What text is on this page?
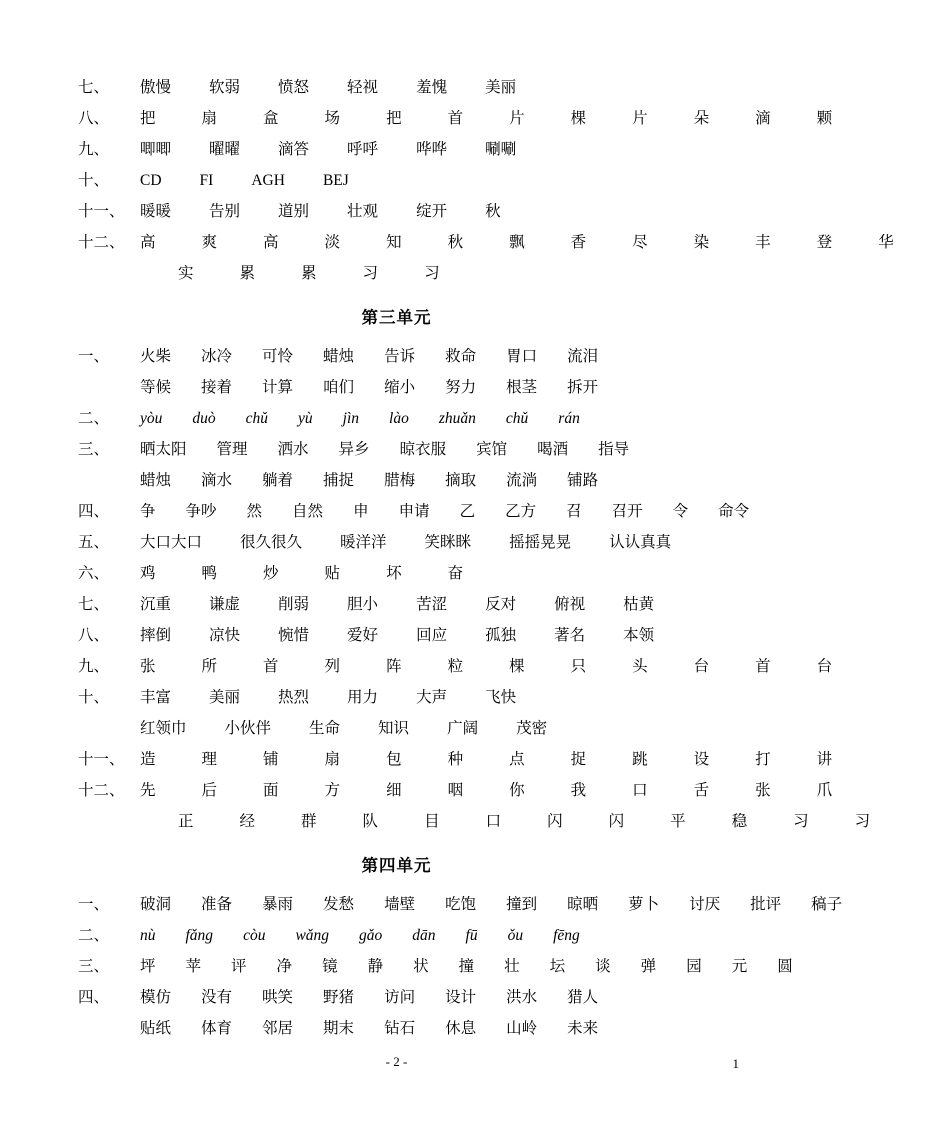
七、	傲慢 软弱 愤怒 轻视 羞愧 美丽
八、	把	扇	盒	场	把	首	片	棵	片	朵	滴	颗
九、	唧唧 曜曜 滴答 呼呼 哗哗 唰唰
十、	CD FI AGH BEJ
十一、 暖暖 告别 道别 壮观 绽开 秋
十二、 高	爽	高	淡	知	秋	飘	香	尽	染	丰	登	华
实	累	累	习	习
第三单元
一、	火柴 冰冷 可怜 蜡烛 告诉 救命 胃口 流泪
等候 接着 计算 咱们 缩小 努力 根茎 拆开
二、	yòu duò chǔ yù jìn lào zhuǎn chǔ rán
三、	晒太阳 管理 洒水 异乡 晾衣服 宾馆 喝酒 指导
蜡烛 滴水 躺着 捕捉 腊梅 摘取 流淌 铺路
四、	争 争吵 然 自然 申 申请 乙 乙方 召 召开 令 命令
五、	大口大口 很久很久 暖洋洋 笑眯眯 摇摇晃晃 认认真真
六、	鸡	鸭	炒	贴	坏	奋
七、	沉重 谦虚 削弱 胆小 苦涩 反对 俯视 枯黄
八、	摔倒 凉快 惋惜 爱好 回应 孤独 著名 本领
九、	张	所	首	列	阵	粒	棵	只	头	台	首	台
十、	丰富 美丽 热烈 用力 大声 飞快
红领巾 小伙伴 生命 知识 广阔 茂密
十一、 造	理	铺	扇	包	种	点	捉	跳	设	打	讲
十二、 先	后	面	方	细	咽	你	我	口	舌	张	爪
正	经	群	队	目	口	闪	闪	平	稳	习	习
第四单元
一、	破洞 准备 暴雨 发愁 墙壁 吃饱 撞到 晾晒 萝卜 讨厌 批评 稿子
二、	nù fǎng còu wǎng gǎo dān fū ǒu fēng
三、	坪 苹 评 净 镜 静 状 撞 壮 坛 谈 弹 园 元 圆
四、	模仿 没有 哄笑 野猪 访问 设计 洪水 猎人
贴纸 体育 邻居 期末 钻石 休息 山岭 未来
- 2 -	1
